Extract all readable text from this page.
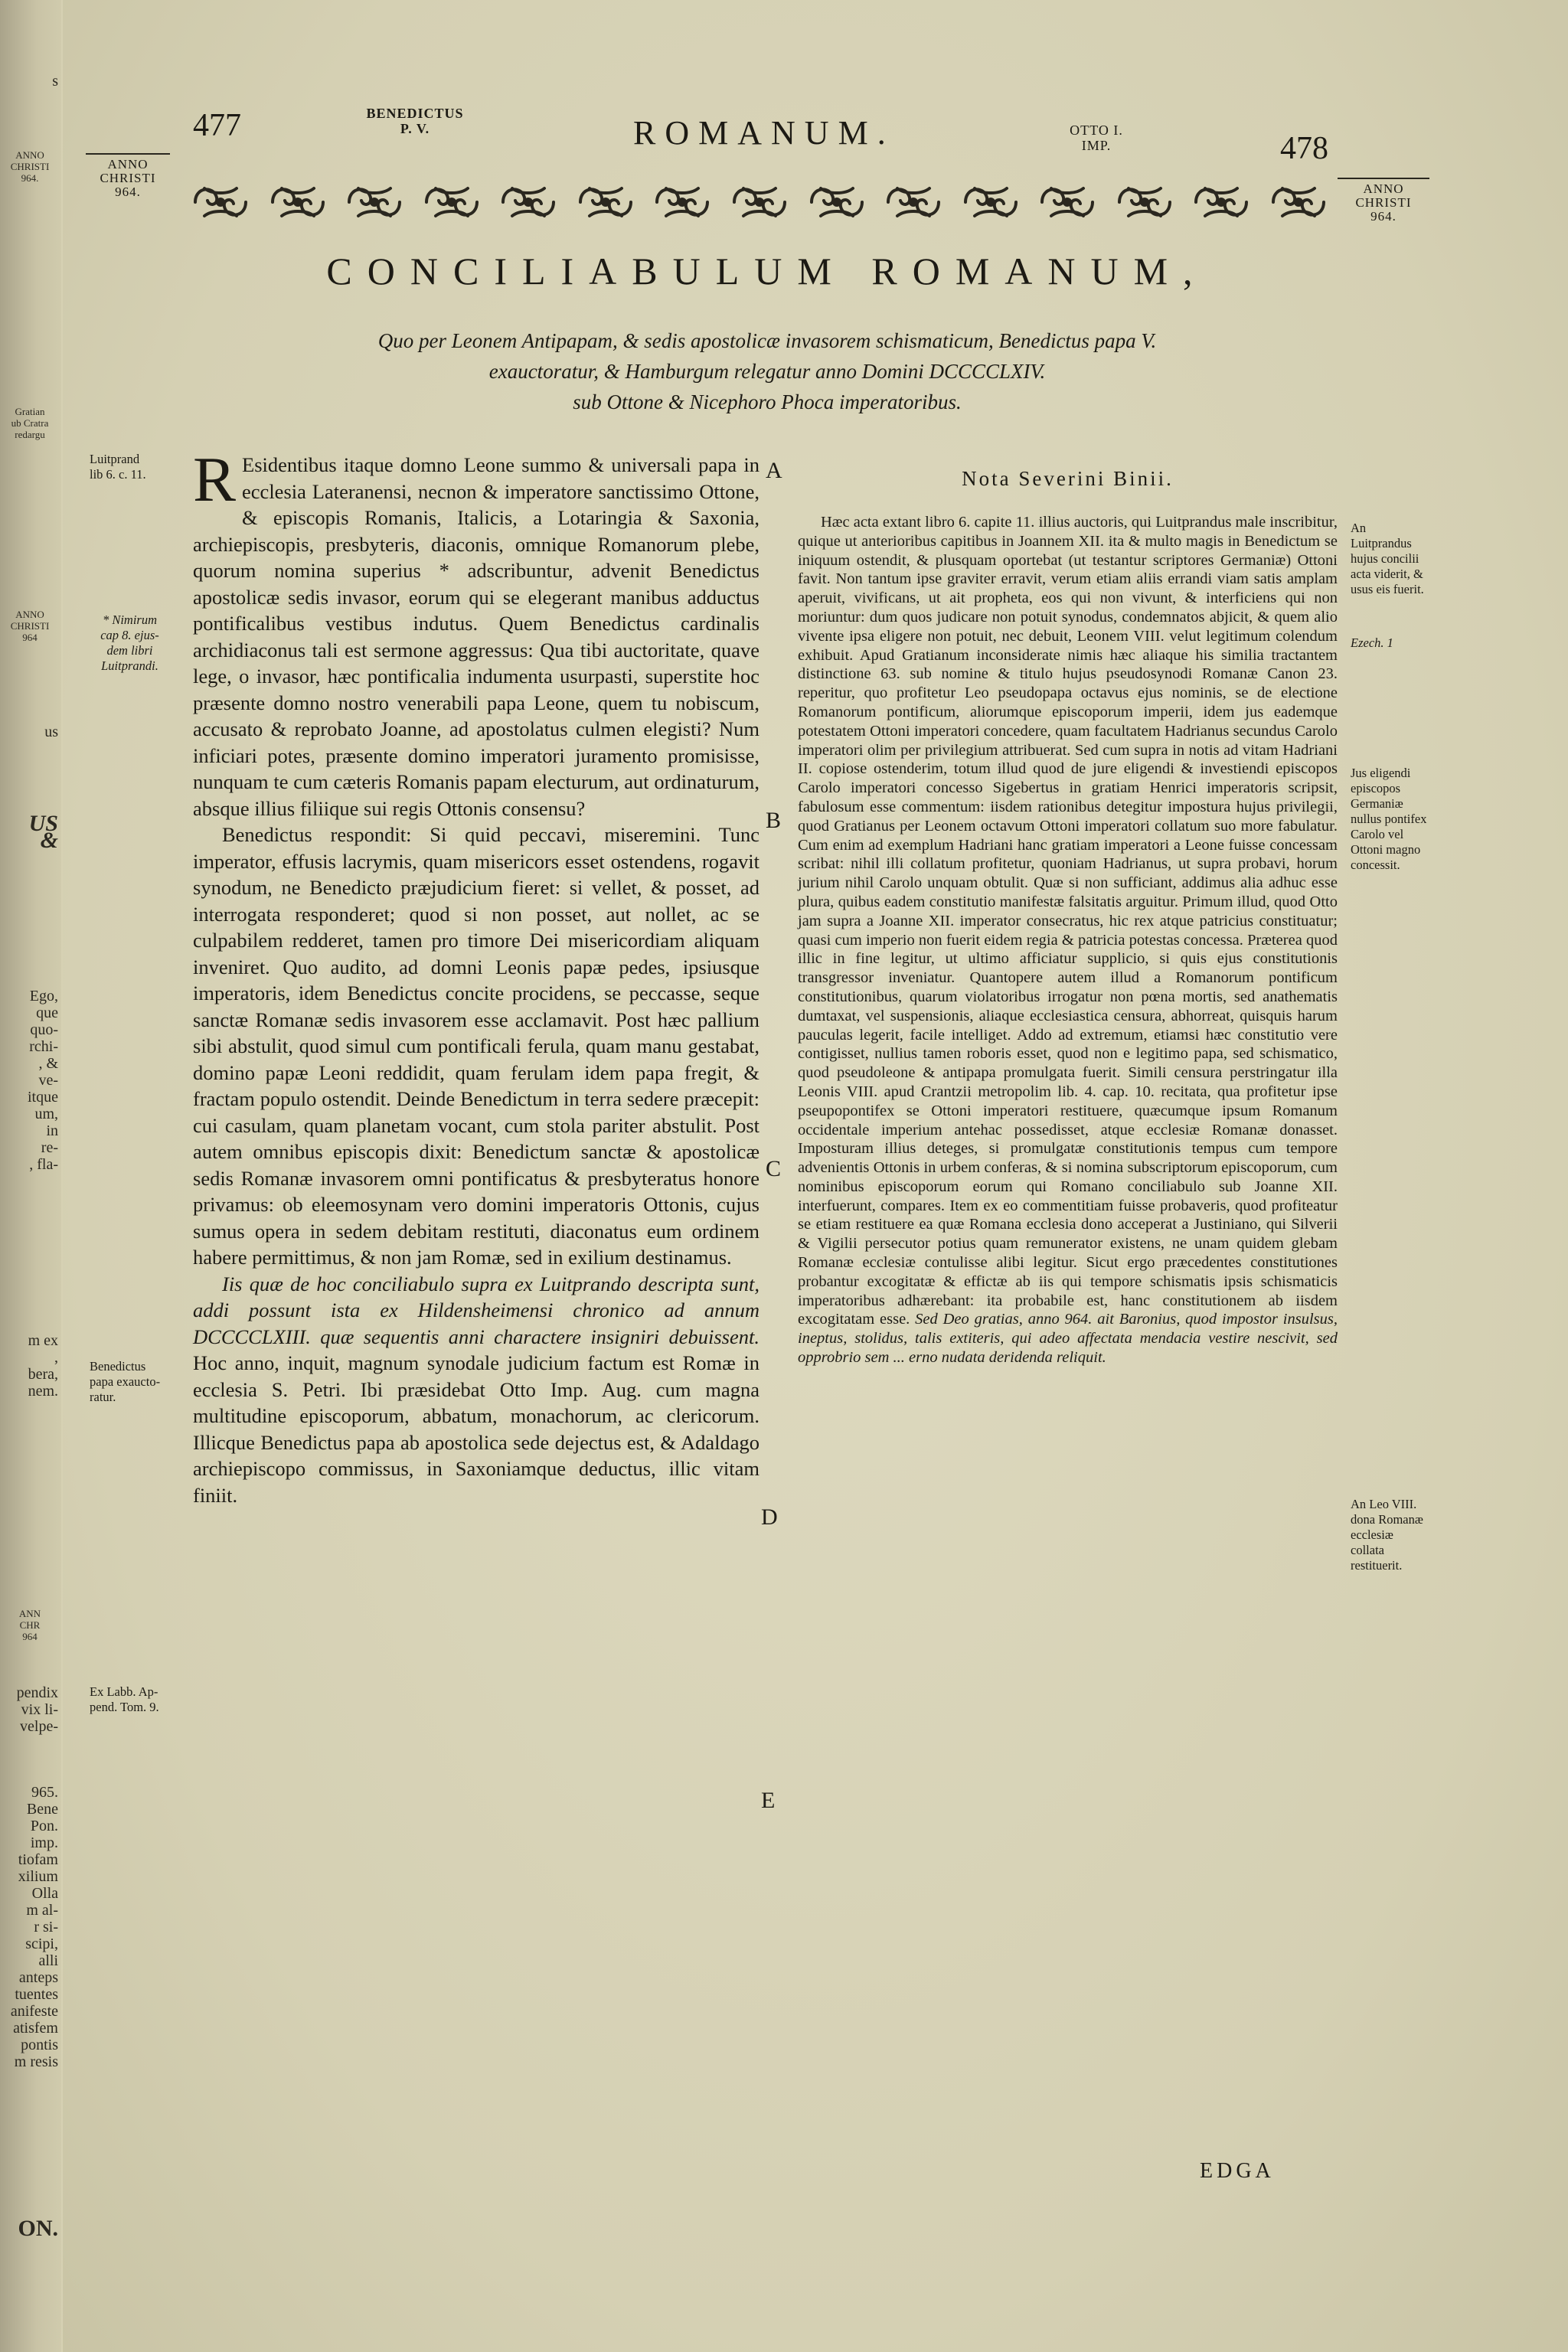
s
ANNO
CHRISTI
964.
Gratian
ub Cratra
redargu
ANNO
CHRISTI
964
us
US
&
Ego,
que
quo-
rchi-
, &
ve-
itque
um,
in
re-
, fla-
m ex
,
bera,
nem.
ANN
CHR
964
pendix
vix li-
velpe-
965. Bene
Pon. imp.
tiofam
xilium
Olla
m al-
r si-
scipi,
alli
anteps
tuentes
anifeste
atisfem
pontis
m resis
ON.
477	BENEDICTUS
P. V.	ROMANUM.	OTTO I.
IMP.	478
ANNO
CHRISTI
964.	ANNO
CHRISTI
964.
CONCILIABULUM ROMANUM,
Quo per Leonem Antipapam, & sedis apostolicæ invasorem schismaticum, Benedictus papa V.
exauctoratur, & Hamburgum relegatur anno Domini DCCCCLXIV.
sub Ottone & Nicephoro Phoca imperatoribus.
Luitprand
lib 6. c. 11.
* Nimirum
cap 8. ejus-
dem libri
Luitprandi.
Benedictus
papa exaucto-
ratur.
Ex Labb. Ap-
pend. Tom. 9.
A
B
C
D
E

R Esidentibus itaque domno Leone summo & universali papa in ecclesia Lateranensi, necnon & imperatore sanctissimo Ottone, & episcopis Romanis, Italicis, a Lotaringia & Saxonia, archiepiscopis, presbyteris, diaconis, omnique Romanorum plebe, quorum nomina superius * adscribuntur, advenit Benedictus apostolicæ sedis invasor, eorum qui se elegerant manibus adductus pontificalibus vestibus indutus. Quem Benedictus cardinalis archidiaconus tali est sermone aggressus: Qua tibi auctoritate, quave lege, o invasor, hæc pontificalia indumenta usurpasti, superstite hoc præsente domno nostro venerabili papa Leone, quem tu nobiscum, accusato & reprobato Joanne, ad apostolatus culmen elegisti? Num inficiari potes, præsente domino imperatori juramento promisisse, nunquam te cum cæteris Romanis papam electurum, aut ordinaturum, absque illius filiique sui regis Ottonis consensu?

Benedictus respondit: Si quid peccavi, miseremini. Tunc imperator, effusis lacrymis, quam misericors esset ostendens, rogavit synodum, ne Benedicto præjudicium fieret: si vellet, & posset, ad interrogata responderet; quod si non posset, aut nollet, ac se culpabilem redderet, tamen pro timore Dei misericordiam aliquam inveniret. Quo audito, ad domni Leonis papæ pedes, ipsiusque imperatoris, idem Benedictus concite procidens, se peccasse, seque sanctæ Romanæ sedis invasorem esse acclamavit. Post hæc pallium sibi abstulit, quod simul cum pontificali ferula, quam manu gestabat, domino papæ Leoni reddidit, quam ferulam idem papa fregit, & fractam populo ostendit. Deinde Benedictum in terra sedere præcepit: cui casulam, quam planetam vocant, cum stola pariter abstulit. Post autem omnibus episcopis dixit: Benedictum sanctæ & apostolicæ sedis Romanæ invasorem omni pontificatus & presbyteratus honore privamus: ob eleemosynam vero domini imperatoris Ottonis, cujus sumus opera in sedem debitam restituti, diaconatus eum ordinem habere permittimus, & non jam Romæ, sed in exilium destinamus.

Iis quæ de hoc conciliabulo supra ex Luitprando descripta sunt, addi possunt ista ex Hildensheimensi chronico ad annum DCCCCLXIII. quæ sequentis anni charactere insigniri debuissent. Hoc anno, inquit, magnum synodale judicium factum est Romæ in ecclesia S. Petri. Ibi præsidebat Otto Imp. Aug. cum magna multitudine episcoporum, abbatum, monachorum, ac clericorum. Illicque Benedictus papa ab apostolica sede dejectus est, & Adaldago archiepiscopo commissus, in Saxoniamque deductus, illic vitam finiit.

Nota Severini Binii.

Hæc acta extant libro 6. capite 11. illius auctoris, qui Luitprandus male inscribitur, quique ut anterioribus capitibus in Joannem XII. ita & multo magis in Benedictum se iniquum ostendit, & plusquam oportebat (ut testantur scriptores Germaniæ) Ottoni favit. Non tantum ipse graviter erravit, verum etiam aliis errandi viam satis amplam aperuit, vivificans, ut ait propheta, eos qui non vivunt, & interficiens qui non moriuntur: dum quos judicare non potuit synodus, condemnatos abjicit, & quem alio vivente ipsa eligere non potuit, nec debuit, Leonem VIII. velut legitimum colendum exhibuit. Apud Gratianum inconsiderate nimis hæc aliaque his similia tractantem distinctione 63. sub nomine & titulo hujus pseudosynodi Romanæ Canon 23. reperitur, quo profitetur Leo pseudopapa octavus ejus nominis, se de electione Romanorum pontificum, aliorumque episcoporum imperii, idem jus eademque potestatem Ottoni imperatori concedere, quam facultatem Hadrianus secundus Carolo imperatori olim per privilegium attribuerat. Sed cum supra in notis ad vitam Hadriani II. copiose ostenderim, totum illud quod de jure eligendi & investiendi episcopos Carolo imperatori concesso Sigebertus in gratiam Henrici imperatoris scripsit, fabulosum esse commentum: iisdem rationibus detegitur impostura hujus privilegii, quod Gratianus per Leonem octavum Ottoni imperatori collatum suo more fabulatur. Cum enim ad exemplum Hadriani hanc gratiam imperatori a Leone fuisse concessam scribat: nihil illi collatum profitetur, quoniam Hadrianus, ut supra probavi, horum jurium nihil Carolo unquam obtulit. Quæ si non sufficiant, addimus alia adhuc esse plura, quibus eadem constitutio manifestæ falsitatis arguitur. Primum illud, quod Otto jam supra a Joanne XII. imperator consecratus, hic rex atque patricius constituatur; quasi cum imperio non fuerit eidem regia & patricia potestas concessa. Præterea quod illic in fine legitur, ut ultimo afficiatur supplicio, si quis ejus constitutionis transgressor inveniatur. Quantopere autem illud a Romanorum pontificum constitutionibus, quarum violatoribus irrogatur non pœna mortis, sed anathematis dumtaxat, vel suspensionis, aliaque ecclesiastica censura, abhorreat, quisquis harum pauculas legerit, facile intelliget. Addo ad extremum, etiamsi hæc constitutio vere contigisset, nullius tamen roboris esset, quod non e legitimo papa, sed schismatico, quod pseudoleone & antipapa promulgata fuerit. Simili censura perstringatur illa Leonis VIII. apud Crantzii metropolim lib. 4. cap. 10. recitata, qua profitetur ipse pseupopontifex se Ottoni imperatori restituere, quæcumque ipsum Romanum occidentale imperium antehac possedisset, atque ecclesiæ Romanæ donasset. Imposturam illius deteges, si promulgatæ constitutionis tempus cum tempore advenientis Ottonis in urbem conferas, & si nomina subscriptorum episcoporum, cum nominibus episcoporum eorum qui Romano conciliabulo sub Joanne XII. interfuerunt, compares. Item ex eo commentitiam fuisse probaveris, quod profiteatur se etiam restituere ea quæ Romana ecclesia dono acceperat a Justiniano, qui Silverii & Vigilii persecutor potius quam remunerator existens, ne unam quidem glebam Romanæ ecclesiæ contulisse alibi legitur. Sicut ergo præcedentes constitutiones probantur excogitatæ & effictæ ab iis qui tempore schismatis ipsis schismaticis imperatoribus adhærebant: ita probabile est, hanc constitutionem ab iisdem excogitatam esse. Sed Deo gratias, anno 964. ait Baronius, quod impostor insulsus, ineptus, stolidus, talis extiteris, qui adeo affectata mendacia vestire nescivit, sed opprobrio sem ... erno nudata deridenda reliquit.

An Luitprandus hujus concilii acta viderit, & usus eis fuerit.
Ezech. 1
Jus eligendi episcopos Germaniæ nullus pontifex Carolo vel Ottoni magno concessit.
An Leo VIII. dona Romanæ ecclesiæ collata restituerit.
EDGA
